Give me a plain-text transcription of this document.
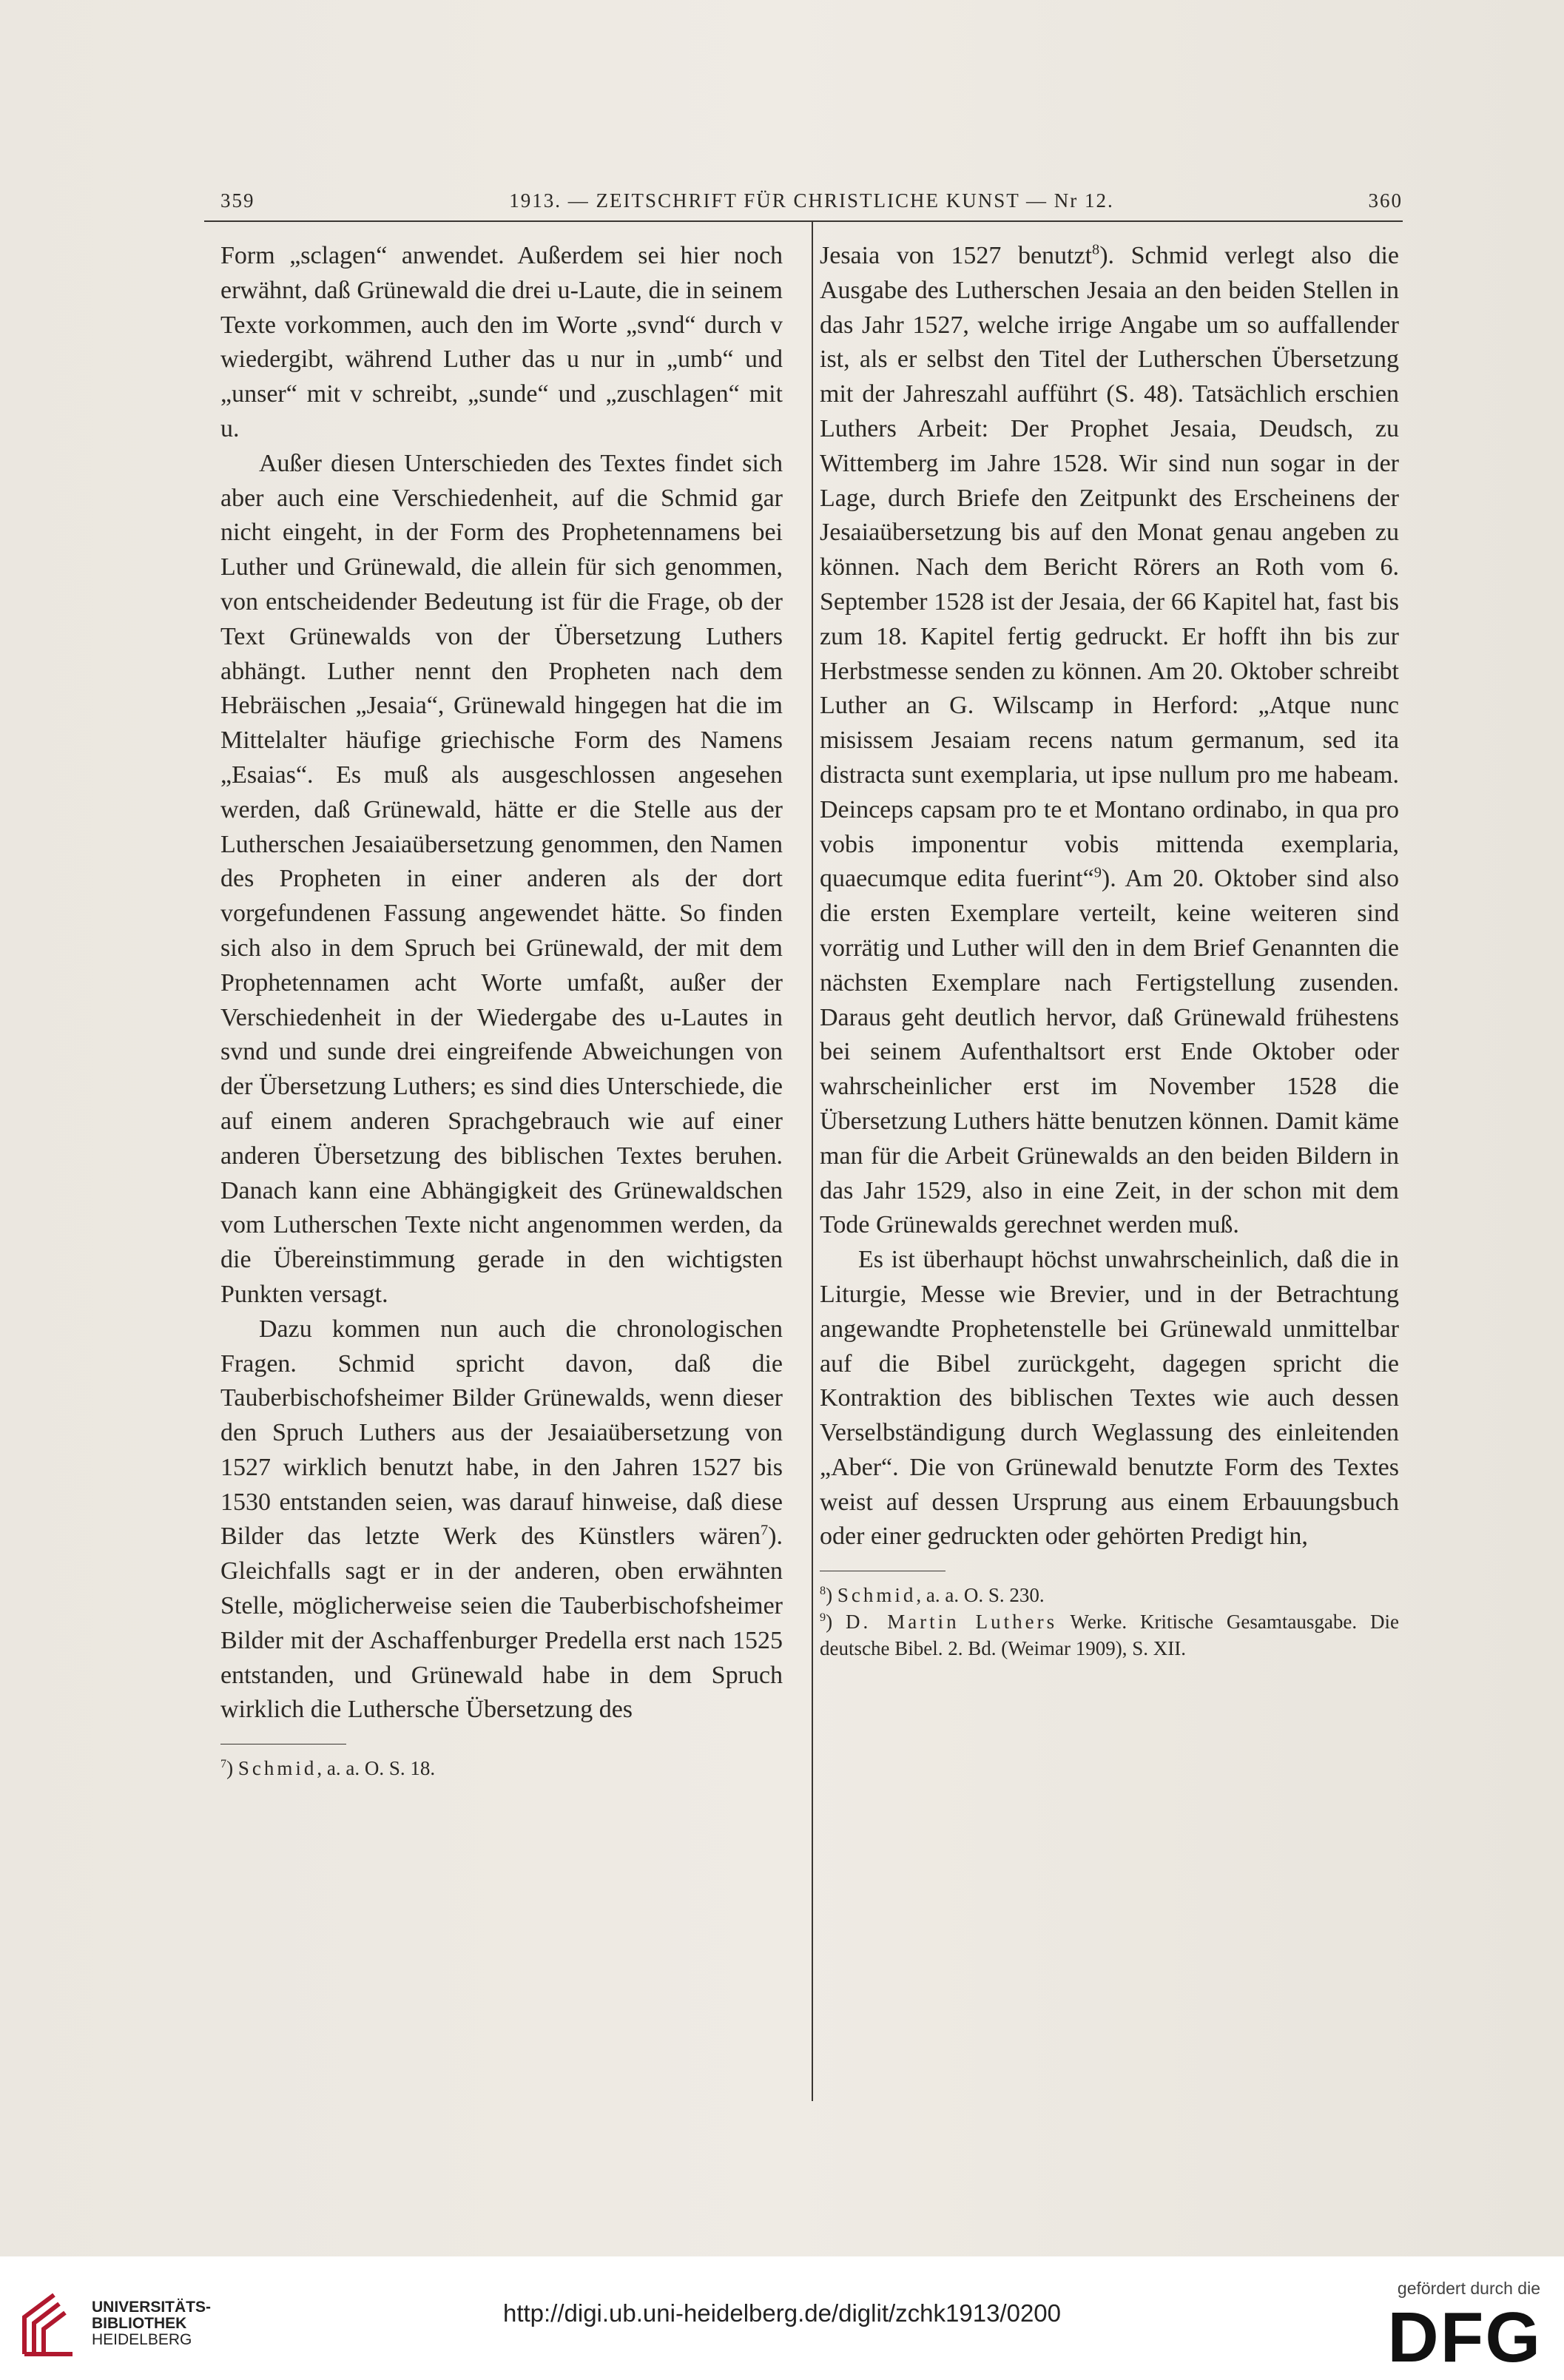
359	1913. — ZEITSCHRIFT FÜR CHRISTLICHE KUNST — Nr 12.	360

Form „sclagen“ anwendet. Außerdem sei hier noch erwähnt, daß Grünewald die drei u-Laute, die in seinem Texte vorkommen, auch den im Worte „svnd“ durch v wiedergibt, während Luther das u nur in „umb“ und „unser“ mit v schreibt, „sunde“ und „zuschlagen“ mit u.

Außer diesen Unterschieden des Textes findet sich aber auch eine Verschiedenheit, auf die Schmid gar nicht eingeht, in der Form des Prophetennamens bei Luther und Grünewald, die allein für sich genommen, von entscheidender Bedeutung ist für die Frage, ob der Text Grünewalds von der Übersetzung Luthers abhängt. Luther nennt den Propheten nach dem Hebräischen „Jesaia“, Grünewald hingegen hat die im Mittelalter häufige griechische Form des Namens „Esaias“. Es muß als ausgeschlossen angesehen werden, daß Grünewald, hätte er die Stelle aus der Lutherschen Jesaiaübersetzung genommen, den Namen des Propheten in einer anderen als der dort vorgefundenen Fassung angewendet hätte. So finden sich also in dem Spruch bei Grünewald, der mit dem Prophetennamen acht Worte umfaßt, außer der Verschiedenheit in der Wiedergabe des u-Lautes in svnd und sunde drei eingreifende Abweichungen von der Übersetzung Luthers; es sind dies Unterschiede, die auf einem anderen Sprachgebrauch wie auf einer anderen Übersetzung des biblischen Textes beruhen. Danach kann eine Abhängigkeit des Grünewaldschen vom Lutherschen Texte nicht angenommen werden, da die Übereinstimmung gerade in den wichtigsten Punkten versagt.

Dazu kommen nun auch die chronologischen Fragen. Schmid spricht davon, daß die Tauberbischofsheimer Bilder Grünewalds, wenn dieser den Spruch Luthers aus der Jesaiaübersetzung von 1527 wirklich benutzt habe, in den Jahren 1527 bis 1530 entstanden seien, was darauf hinweise, daß diese Bilder das letzte Werk des Künstlers wären$^7$). Gleichfalls sagt er in der anderen, oben erwähnten Stelle, möglicherweise seien die Tauberbischofsheimer Bilder mit der Aschaffenburger Predella erst nach 1525 entstanden, und Grünewald habe in dem Spruch wirklich die Luthersche Übersetzung des

$^7$) Schmid, a. a. O. S. 18.

Jesaia von 1527 benutzt$^8$). Schmid verlegt also die Ausgabe des Lutherschen Jesaia an den beiden Stellen in das Jahr 1527, welche irrige Angabe um so auffallender ist, als er selbst den Titel der Lutherschen Übersetzung mit der Jahreszahl aufführt (S. 48). Tatsächlich erschien Luthers Arbeit: Der Prophet Jesaia, Deudsch, zu Wittemberg im Jahre 1528. Wir sind nun sogar in der Lage, durch Briefe den Zeitpunkt des Erscheinens der Jesaiaübersetzung bis auf den Monat genau angeben zu können. Nach dem Bericht Rörers an Roth vom 6. September 1528 ist der Jesaia, der 66 Kapitel hat, fast bis zum 18. Kapitel fertig gedruckt. Er hofft ihn bis zur Herbstmesse senden zu können. Am 20. Oktober schreibt Luther an G. Wilscamp in Herford: „Atque nunc misissem Jesaiam recens natum germanum, sed ita distracta sunt exemplaria, ut ipse nullum pro me habeam. Deinceps capsam pro te et Montano ordinabo, in qua pro vobis imponentur vobis mittenda exemplaria, quaecumque edita fuerint“$^9$). Am 20. Oktober sind also die ersten Exemplare verteilt, keine weiteren sind vorrätig und Luther will den in dem Brief Genannten die nächsten Exemplare nach Fertigstellung zusenden. Daraus geht deutlich hervor, daß Grünewald frühestens bei seinem Aufenthaltsort erst Ende Oktober oder wahrscheinlicher erst im November 1528 die Übersetzung Luthers hätte benutzen können. Damit käme man für die Arbeit Grünewalds an den beiden Bildern in das Jahr 1529, also in eine Zeit, in der schon mit dem Tode Grünewalds gerechnet werden muß.

Es ist überhaupt höchst unwahrscheinlich, daß die in Liturgie, Messe wie Brevier, und in der Betrachtung angewandte Prophetenstelle bei Grünewald unmittelbar auf die Bibel zurückgeht, dagegen spricht die Kontraktion des biblischen Textes wie auch dessen Verselbständigung durch Weglassung des einleitenden „Aber“. Die von Grünewald benutzte Form des Textes weist auf dessen Ursprung aus einem Erbauungsbuch oder einer gedruckten oder gehörten Predigt hin,

$^8$) Schmid, a. a. O. S. 230.

$^9$) D. Martin Luthers Werke. Kritische Gesamtausgabe. Die deutsche Bibel. 2. Bd. (Weimar 1909), S. XII.

UNIVERSITÄTS-
BIBLIOTHEK
HEIDELBERG
http://digi.ub.uni-heidelberg.de/diglit/zchk1913/0200
gefördert durch die
DFG
